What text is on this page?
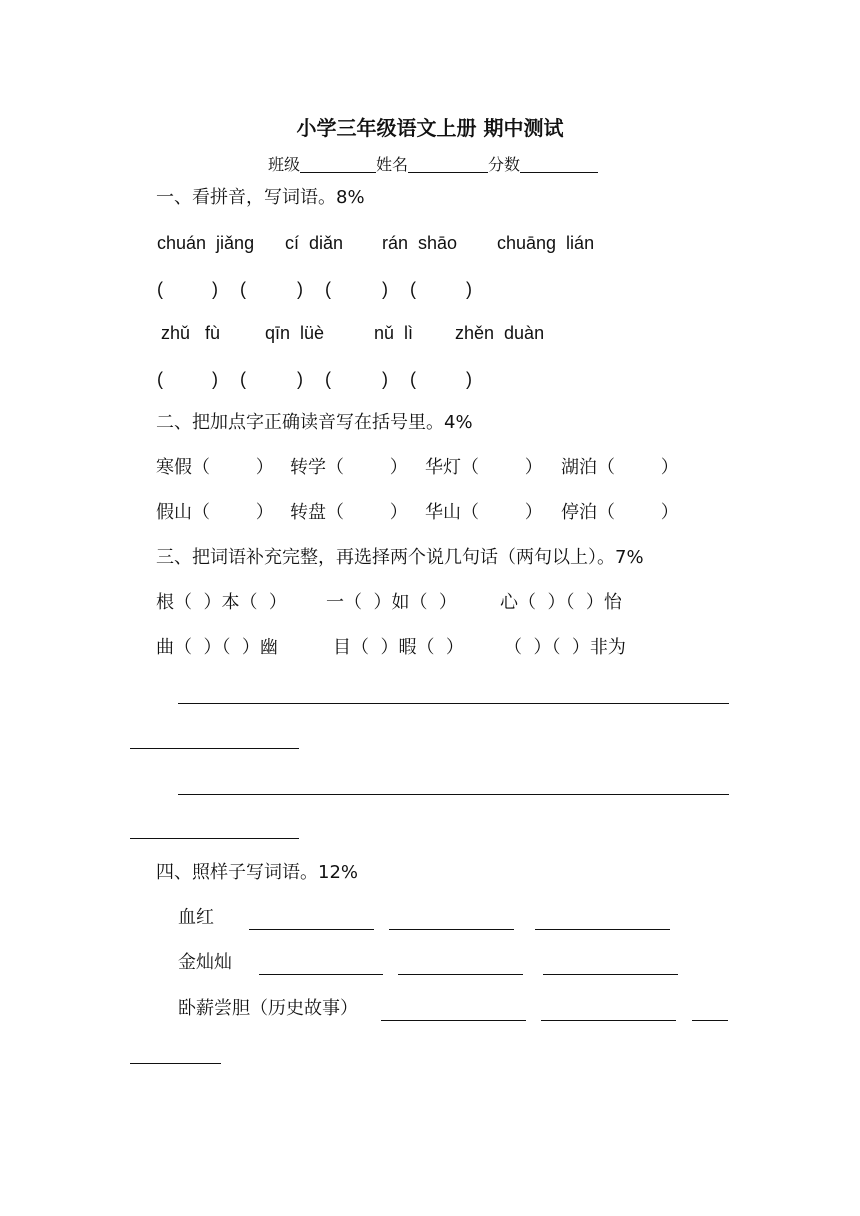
小学三年级语文上册 期中测试
班级	姓名	分数
一、看拼音，写词语。8%
chuán  jiǎng cí  diǎn rán  shāo chuāng  lián
(	) (	) (	) (	)
zhǔ   fù qīn  lüè	nǔ  lì zhěn  duàn
(	) (	) (	) (	)
二、把加点字正确读音写在括号里。4%
寒假（        ） 转学（        ） 华灯（        ） 湖泊（        ）
假山（        ） 转盘（        ） 华山（        ） 停泊（        ）
三、把词语补充完整，再选择两个说几句话（两句以上）。7%
根（  ）本（  ） 一（  ）如（  ） 心（  ）（  ）怡
曲（  ）（  ）幽	目（  ）暇（  ） （  ）（  ）非为
四、照样子写词语。12%
血红
金灿灿
卧薪尝胆（历史故事）
